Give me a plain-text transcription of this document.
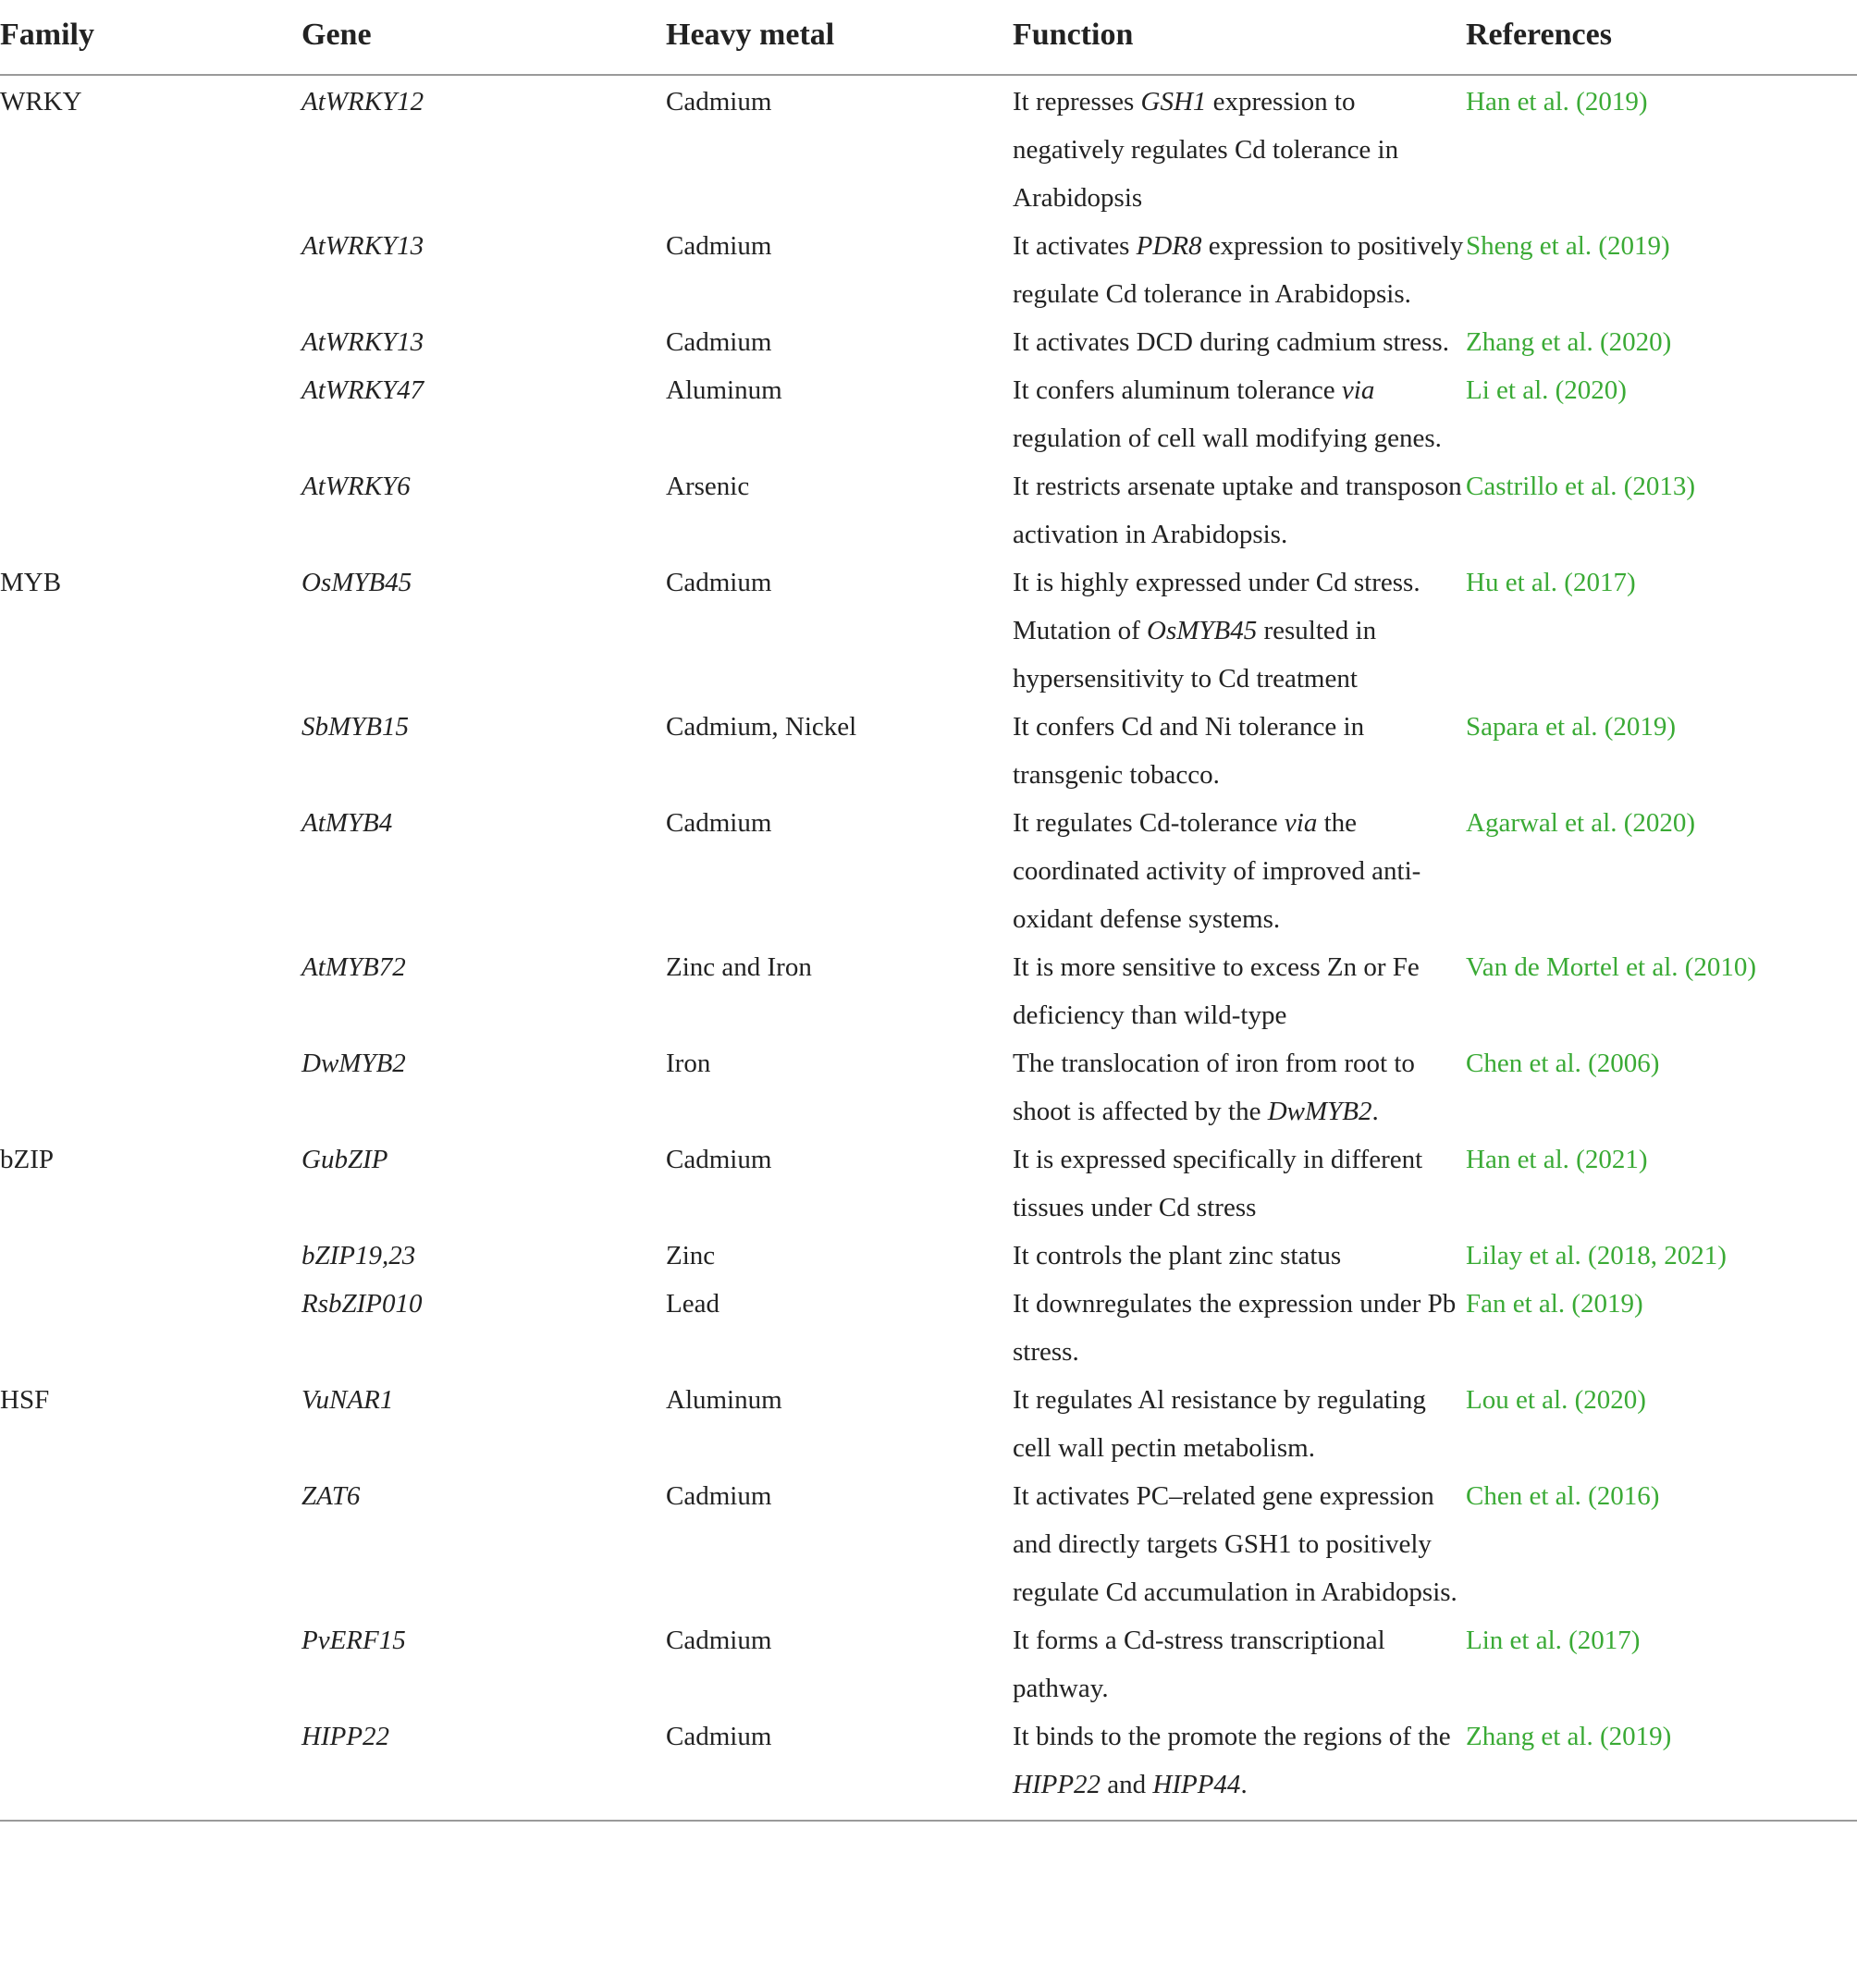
Family	Gene	Heavy metal	Function	References
WRKY	AtWRKY12	Cadmium	It represses GSH1 expression to negatively regulates Cd tolerance in Arabidopsis	Han et al. (2019)
	AtWRKY13	Cadmium	It activates PDR8 expression to positively regulate Cd tolerance in Arabidopsis.	Sheng et al. (2019)
	AtWRKY13	Cadmium	It activates DCD during cadmium stress.	Zhang et al. (2020)
	AtWRKY47	Aluminum	It confers aluminum tolerance via regulation of cell wall modifying genes.	Li et al. (2020)
	AtWRKY6	Arsenic	It restricts arsenate uptake and transposon activation in Arabidopsis.	Castrillo et al. (2013)
MYB	OsMYB45	Cadmium	It is highly expressed under Cd stress. Mutation of OsMYB45 resulted in hypersensitivity to Cd treatment	Hu et al. (2017)
	SbMYB15	Cadmium, Nickel	It confers Cd and Ni tolerance in transgenic tobacco.	Sapara et al. (2019)
	AtMYB4	Cadmium	It regulates Cd-tolerance via the coordinated activity of improved anti-oxidant defense systems.	Agarwal et al. (2020)
	AtMYB72	Zinc and Iron	It is more sensitive to excess Zn or Fe deficiency than wild-type	Van de Mortel et al. (2010)
	DwMYB2	Iron	The translocation of iron from root to shoot is affected by the DwMYB2.	Chen et al. (2006)
bZIP	GubZIP	Cadmium	It is expressed specifically in different tissues under Cd stress	Han et al. (2021)
	bZIP19,23	Zinc	It controls the plant zinc status	Lilay et al. (2018, 2021)
	RsbZIP010	Lead	It downregulates the expression under Pb stress.	Fan et al. (2019)
HSF	VuNAR1	Aluminum	It regulates Al resistance by regulating cell wall pectin metabolism.	Lou et al. (2020)
	ZAT6	Cadmium	It activates PC–related gene expression and directly targets GSH1 to positively regulate Cd accumulation in Arabidopsis.	Chen et al. (2016)
	PvERF15	Cadmium	It forms a Cd-stress transcriptional pathway.	Lin et al. (2017)
	HIPP22	Cadmium	It binds to the promote the regions of the HIPP22 and HIPP44.	Zhang et al. (2019)
